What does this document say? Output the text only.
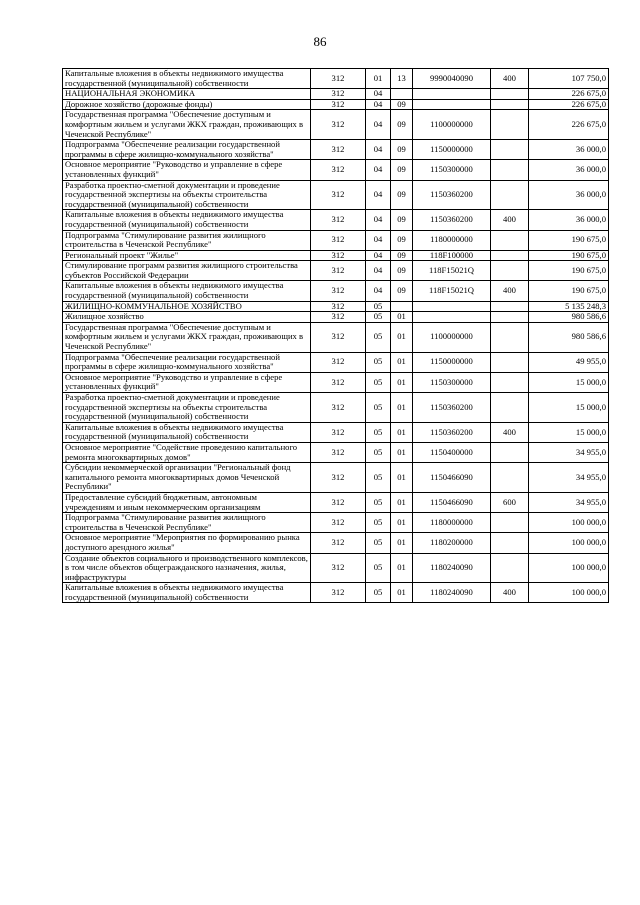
86
Капитальные вложения в объекты недвижимого имущества государственной (муниципальной) собственности	312	01	13	9990040090	400	107 750,0
НАЦИОНАЛЬНАЯ ЭКОНОМИКА	312	04				226 675,0
Дорожное хозяйство (дорожные фонды)	312	04	09			226 675,0
Государственная программа "Обеспечение доступным и комфортным жильем и услугами ЖКХ граждан, проживающих в Чеченской Республике"	312	04	09	1100000000		226 675,0
Подпрограмма "Обеспечение реализации государственной программы в сфере жилищно-коммунального хозяйства"	312	04	09	1150000000		36 000,0
Основное мероприятие "Руководство и управление в сфере установленных функций"	312	04	09	1150300000		36 000,0
Разработка проектно-сметной документации и проведение государственной экспертизы на объекты строительства государственной (муниципальной) собственности	312	04	09	1150360200		36 000,0
Капитальные вложения в объекты недвижимого имущества государственной (муниципальной) собственности	312	04	09	1150360200	400	36 000,0
Подпрограмма "Стимулирование развития жилищного строительства в Чеченской Республике"	312	04	09	1180000000		190 675,0
Региональный проект "Жилье"	312	04	09	118F100000		190 675,0
Стимулирование программ развития жилищного строительства субъектов Российской Федерации	312	04	09	118F15021Q		190 675,0
Капитальные вложения в объекты недвижимого имущества государственной (муниципальной) собственности	312	04	09	118F15021Q	400	190 675,0
ЖИЛИЩНО-КОММУНАЛЬНОЕ ХОЗЯЙСТВО	312	05				5 135 248,3
Жилищное хозяйство	312	05	01			980 586,6
Государственная программа "Обеспечение доступным и комфортным жильем и услугами ЖКХ граждан, проживающих в Чеченской Республике"	312	05	01	1100000000		980 586,6
Подпрограмма "Обеспечение реализации государственной программы в сфере жилищно-коммунального хозяйства"	312	05	01	1150000000		49 955,0
Основное мероприятие "Руководство и управление в сфере установленных функций"	312	05	01	1150300000		15 000,0
Разработка проектно-сметной документации и проведение государственной экспертизы на объекты строительства государственной (муниципальной) собственности	312	05	01	1150360200		15 000,0
Капитальные вложения в объекты недвижимого имущества государственной (муниципальной) собственности	312	05	01	1150360200	400	15 000,0
Основное мероприятие "Содействие проведению капитального ремонта многоквартирных домов"	312	05	01	1150400000		34 955,0
Субсидии некоммерческой организации "Региональный фонд капитального ремонта многоквартирных домов Чеченской Республики"	312	05	01	1150466090		34 955,0
Предоставление субсидий бюджетным, автономным учреждениям и иным некоммерческим организациям	312	05	01	1150466090	600	34 955,0
Подпрограмма "Стимулирование развития жилищного строительства в Чеченской Республике"	312	05	01	1180000000		100 000,0
Основное мероприятие "Мероприятия по формированию рынка доступного арендного жилья"	312	05	01	1180200000		100 000,0
Создание объектов социального и производственного комплексов, в том числе объектов общегражданского назначения, жилья, инфраструктуры	312	05	01	1180240090		100 000,0
Капитальные вложения в объекты недвижимого имущества государственной (муниципальной) собственности	312	05	01	1180240090	400	100 000,0
